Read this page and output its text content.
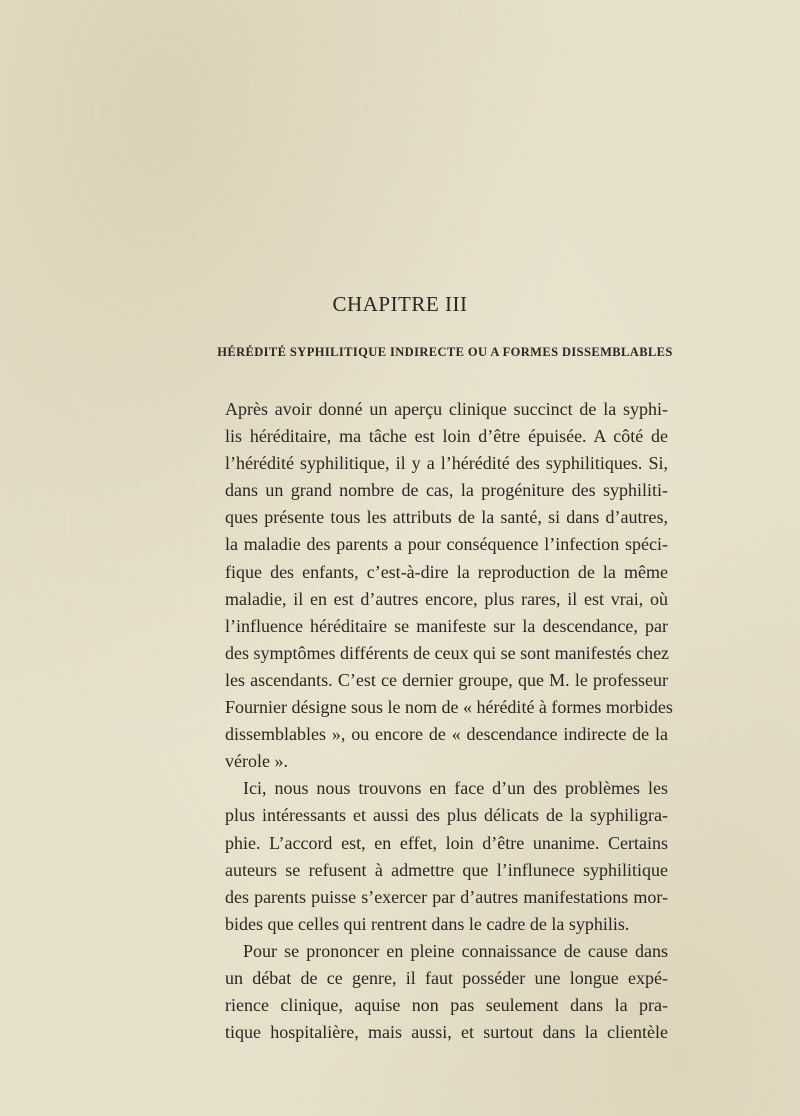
CHAPITRE III
HÉRÉDITÉ SYPHILITIQUE INDIRECTE OU A FORMES DISSEMBLABLES
Après avoir donné un aperçu clinique succinct de la syphi-
lis héréditaire, ma tâche est loin d’être épuisée. A côté de
l’hérédité syphilitique, il y a l’hérédité des syphilitiques. Si,
dans un grand nombre de cas, la progéniture des syphiliti-
ques présente tous les attributs de la santé, si dans d’autres,
la maladie des parents a pour conséquence l’infection spéci-
fique des enfants, c’est-à-dire la reproduction de la même
maladie, il en est d’autres encore, plus rares, il est vrai, où
l’influence héréditaire se manifeste sur la descendance, par
des symptômes différents de ceux qui se sont manifestés chez
les ascendants. C’est ce dernier groupe, que M. le professeur
Fournier désigne sous le nom de « hérédité à formes morbides
dissemblables », ou encore de « descendance indirecte de la
vérole ».
Ici, nous nous trouvons en face d’un des problèmes les
plus intéressants et aussi des plus délicats de la syphiligra-
phie. L’accord est, en effet, loin d’être unanime. Certains
auteurs se refusent à admettre que l’influnece syphilitique
des parents puisse s’exercer par d’autres manifestations mor-
bides que celles qui rentrent dans le cadre de la syphilis.
Pour se prononcer en pleine connaissance de cause dans
un débat de ce genre, il faut posséder une longue expé-
rience clinique, aquise non pas seulement dans la pra-
tique hospitalière, mais aussi, et surtout dans la clientèle
